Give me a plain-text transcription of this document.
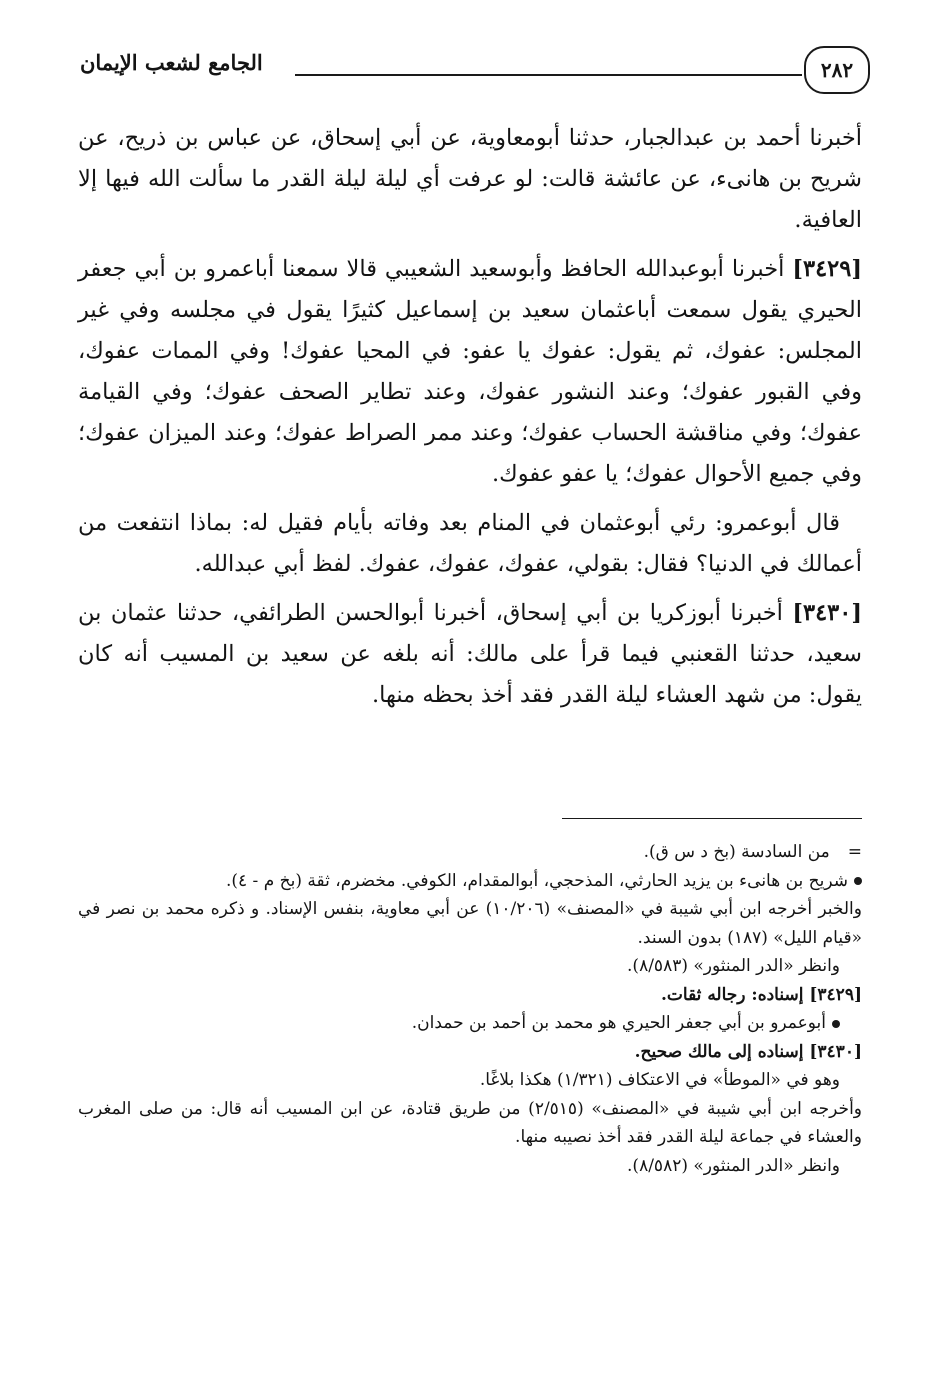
٢٨٢
الجامع لشعب الإيمان

أخبرنا أحمد بن عبدالجبار، حدثنا أبومعاوية، عن أبي إسحاق، عن عباس بن ذريح، عن شريح بن هانىء، عن عائشة قالت: لو عرفت أي ليلة ليلة القدر ما سألت الله فيها إلا العافية.

[٣٤٢٩] أخبرنا أبوعبدالله الحافظ وأبوسعيد الشعيبي قالا سمعنا أباعمرو بن أبي جعفر الحيري يقول سمعت أباعثمان سعيد بن إسماعيل كثيرًا يقول في مجلسه وفي غير المجلس: عفوك، ثم يقول: عفوك يا عفو: في المحيا عفوك! وفي الممات عفوك، وفي القبور عفوك؛ وعند النشور عفوك، وعند تطاير الصحف عفوك؛ وفي القيامة عفوك؛ وفي مناقشة الحساب عفوك؛ وعند ممر الصراط عفوك؛ وعند الميزان عفوك؛ وفي جميع الأحوال عفوك؛ يا عفو عفوك.

قال أبوعمرو: رئي أبوعثمان في المنام بعد وفاته بأيام فقيل له: بماذا انتفعت من أعمالك في الدنيا؟ فقال: بقولي، عفوك، عفوك، عفوك. لفظ أبي عبدالله.

[٣٤٣٠] أخبرنا أبوزكريا بن أبي إسحاق، أخبرنا أبوالحسن الطرائفي، حدثنا عثمان بن سعيد، حدثنا القعنبي فيما قرأ على مالك: أنه بلغه عن سعيد بن المسيب أنه كان يقول: من شهد العشاء ليلة القدر فقد أخذ بحظه منها.

=من السادسة (بخ د س ق).

شريح بن هانىء بن يزيد الحارثي، المذحجي، أبوالمقدام، الكوفي. مخضرم، ثقة (بخ م - ٤).

والخبر أخرجه ابن أبي شيبة في «المصنف» (١٠/٢٠٦) عن أبي معاوية، بنفس الإسناد. و ذكره محمد بن نصر في «قيام الليل» (١٨٧) بدون السند.

وانظر «الدر المنثور» (٨/٥٨٣).

[٣٤٢٩] إسناده: رجاله ثقات.

أبوعمرو بن أبي جعفر الحيري هو محمد بن أحمد بن حمدان.

[٣٤٣٠] إسناده إلى مالك صحيح.

وهو في «الموطأ» في الاعتكاف (١/٣٢١) هكذا بلاغًا.

وأخرجه ابن أبي شيبة في «المصنف» (٢/٥١٥) من طريق قتادة، عن ابن المسيب أنه قال: من صلى المغرب والعشاء في جماعة ليلة القدر فقد أخذ نصيبه منها.

وانظر «الدر المنثور» (٨/٥٨٢).
